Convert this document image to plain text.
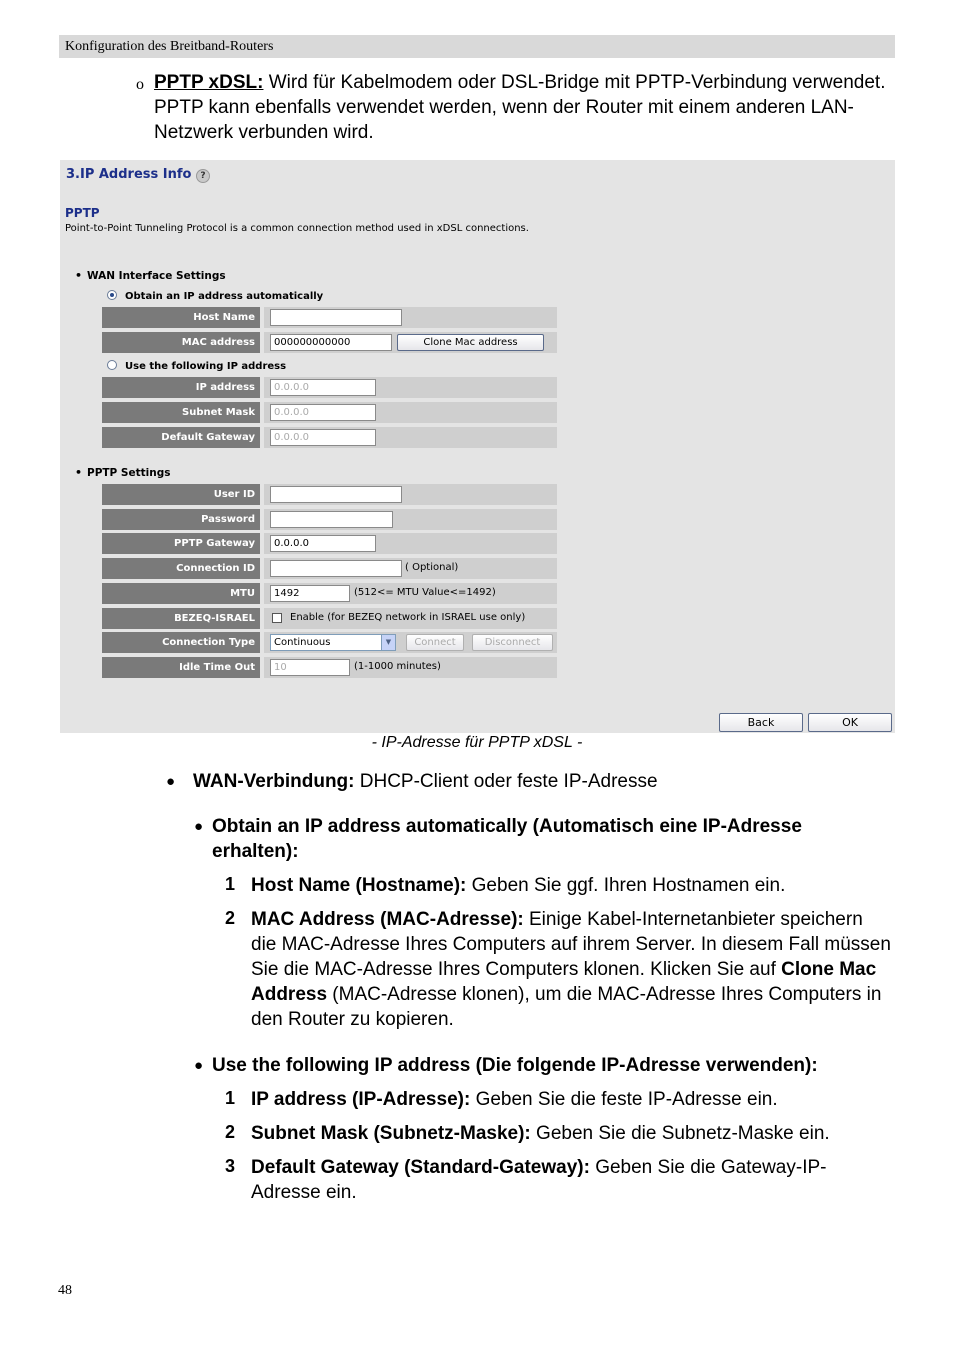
Konfiguration des Breitband-Routers
o PPTP xDSL: Wird für Kabelmodem oder DSL-Bridge mit PPTP-Verbindung verwendet. PPTP kann ebenfalls verwendet werden, wenn der Router mit einem anderen LAN-Netzwerk verbunden wird.
3.IP Address Info ?
PPTP
Point-to-Point Tunneling Protocol is a common connection method used in xDSL connections.
• WAN Interface Settings
Obtain an IP address automatically
Host Name
MAC address	000000000000	Clone Mac address
Use the following IP address
IP address	0.0.0.0
Subnet Mask	0.0.0.0
Default Gateway	0.0.0.0
• PPTP Settings
User ID
Password
PPTP Gateway	0.0.0.0
Connection ID	( Optional)
MTU	1492	(512<= MTU Value<=1492)
BEZEQ-ISRAEL	Enable (for BEZEQ network in ISRAEL use only)
Connection Type	Continuous	▼	Connect	Disconnect
Idle Time Out	10	(1-1000 minutes)
Back	OK
- IP-Adresse für PPTP xDSL -
● WAN-Verbindung: DHCP-Client oder feste IP-Adresse
● Obtain an IP address automatically (Automatisch eine IP-Adresse erhalten):
1 Host Name (Hostname): Geben Sie ggf. Ihren Hostnamen ein.
2 MAC Address (MAC-Adresse): Einige Kabel-Internetanbieter speichern die MAC-Adresse Ihres Computers auf ihrem Server. In diesem Fall müssen Sie die MAC-Adresse Ihres Computers klonen. Klicken Sie auf Clone Mac Address (MAC-Adresse klonen), um die MAC-Adresse Ihres Computers in den Router zu kopieren.
● Use the following IP address (Die folgende IP-Adresse verwenden):
1 IP address (IP-Adresse): Geben Sie die feste IP-Adresse ein.
2 Subnet Mask (Subnetz-Maske): Geben Sie die Subnetz-Maske ein.
3 Default Gateway (Standard-Gateway): Geben Sie die Gateway-IP-Adresse ein.
48
